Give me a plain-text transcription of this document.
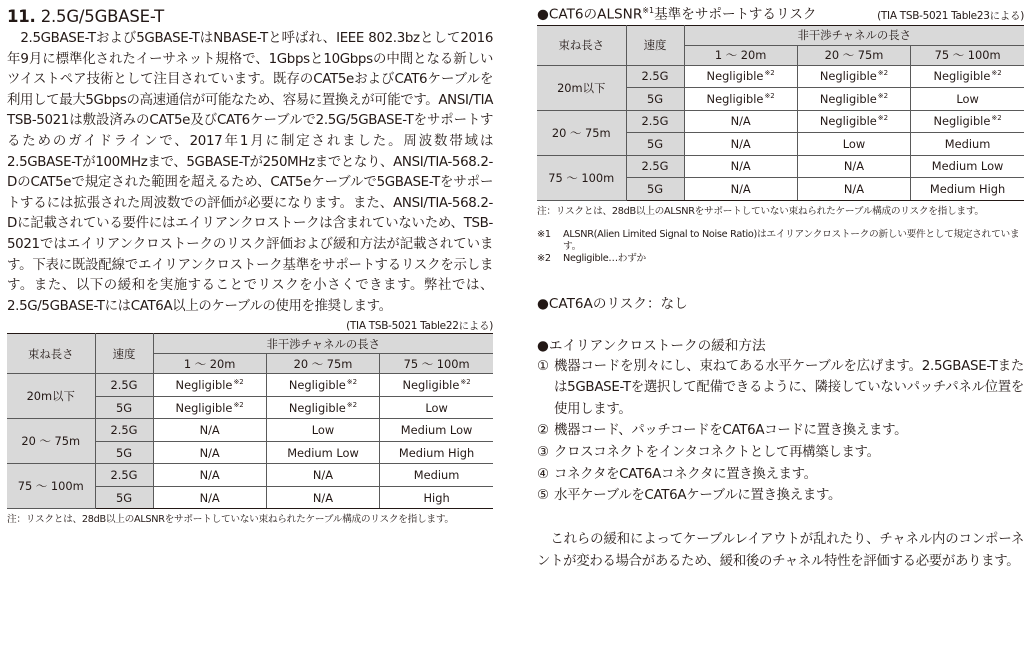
11. 2.5G/5GBASE-T

2.5GBASE-Tおよび5GBASE-TはNBASE-Tと呼ばれ、IEEE 802.3bzとして2016年9月に標準化されたイーサネット規格で、1Gbpsと10Gbpsの中間となる新しいツイストペア技術として注目されています。既存のCAT5eおよびCAT6ケーブルを利用して最大5Gbpsの高速通信が可能なため、容易に置換えが可能です。ANSI/TIA TSB-5021は敷設済みのCAT5e及びCAT6ケーブルで2.5G/5GBASE-Tをサポートするためのガイドラインで、2017年1月に制定されました。周波数帯域は2.5GBASE-Tが100MHzまで、5GBASE-Tが250MHzまでとなり、ANSI/TIA-568.2-DのCAT5eで規定された範囲を超えるため、CAT5eケーブルで5GBASE-Tをサポートするには拡張された周波数での評価が必要になります。また、ANSI/TIA-568.2-Dに記載されている要件にはエイリアンクロストークは含まれていないため、TSB-5021ではエイリアンクロストークのリスク評価および緩和方法が記載されています。下表に既設配線でエイリアンクロストーク基準をサポートするリスクを示します。また、以下の緩和を実施することでリスクを小さくできます。弊社では、2.5G/5GBASE-TにはCAT6A以上のケーブルの使用を推奨します。

(TIA TSB-5021 Table22による)
束ね長さ	速度	非干渉チャネルの長さ		
		1 ～ 20m	20 ～ 75m	75 ～ 100m
20m以下	2.5G	Negligible$^{※2}$	Negligible$^{※2}$	Negligible$^{※2}$
	5G	Negligible$^{※2}$	Negligible$^{※2}$	Low
20 ～ 75m	2.5G	N/A	Low	Medium Low
	5G	N/A	Medium Low	Medium High
75 ～ 100m	2.5G	N/A	N/A	Medium
	5G	N/A	N/A	High
注： リスクとは、28dB以上のALSNRをサポートしていない束ねられたケーブル構成のリスクを指します。
●CAT6のALSNR$^{※1}$基準をサポートするリスク	(TIA TSB-5021 Table23による)
束ね長さ	速度	非干渉チャネルの長さ		
		1 ～ 20m	20 ～ 75m	75 ～ 100m
20m以下	2.5G	Negligible$^{※2}$	Negligible$^{※2}$	Negligible$^{※2}$
	5G	Negligible$^{※2}$	Negligible$^{※2}$	Low
20 ～ 75m	2.5G	N/A	Negligible$^{※2}$	Negligible$^{※2}$
	5G	N/A	Low	Medium
75 ～ 100m	2.5G	N/A	N/A	Medium Low
	5G	N/A	N/A	Medium High
注： リスクとは、28dB以上のALSNRをサポートしていない束ねられたケーブル構成のリスクを指します。
※1	ALSNR(Alien Limited Signal to Noise Ratio)はエイリアンクロストークの新しい要件として規定されています。
※2	Negligible…わずか
●CAT6Aのリスク：なし
●エイリアンクロストークの緩和方法
① 機器コードを別々にし、束ねてある水平ケーブルを広げます。2.5GBASE-Tまたは5GBASE-Tを選択して配備できるように、隣接していないパッチパネル位置を使用します。
② 機器コード、パッチコードをCAT6Aコードに置き換えます。
③ クロスコネクトをインタコネクトとして再構築します。
④ コネクタをCAT6Aコネクタに置き換えます。
⑤ 水平ケーブルをCAT6Aケーブルに置き換えます。

これらの緩和によってケーブルレイアウトが乱れたり、チャネル内のコンポーネントが変わる場合があるため、緩和後のチャネル特性を評価する必要があります。
